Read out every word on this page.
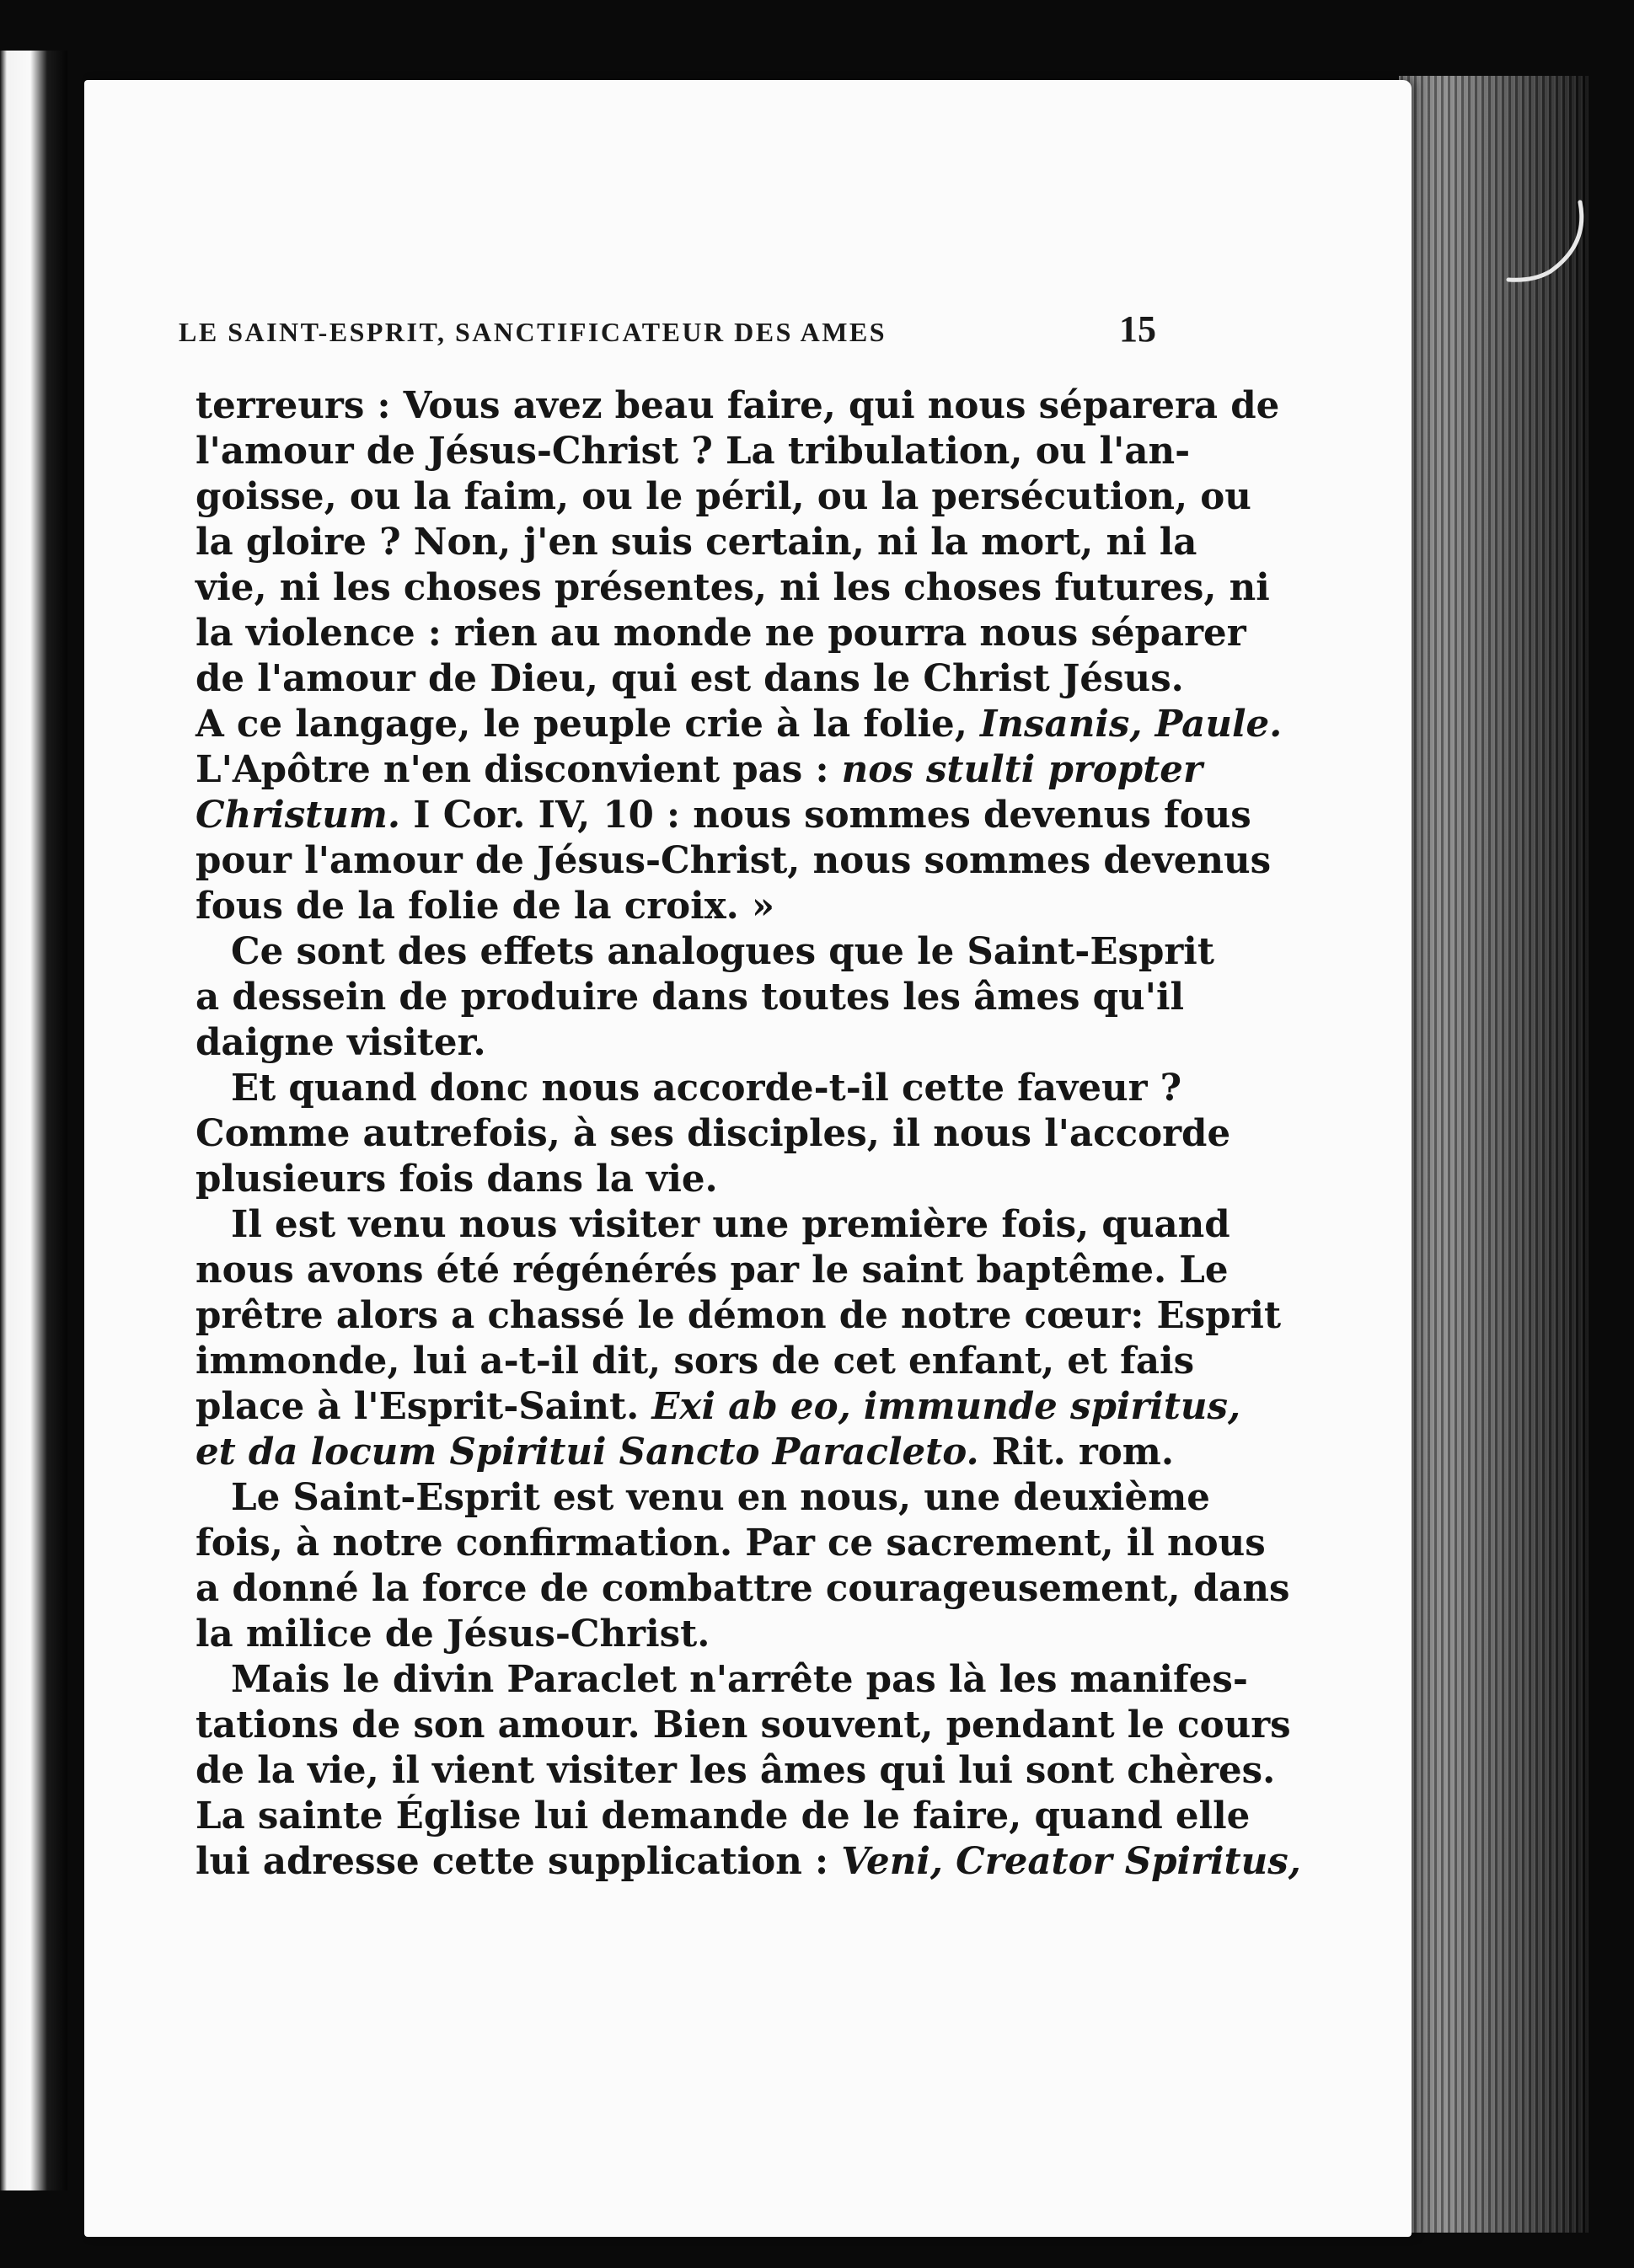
LE SAINT-ESPRIT, SANCTIFICATEUR DES AMES	15
terreurs : Vous avez beau faire, qui nous séparera de
l'amour de Jésus-Christ ? La tribulation, ou l'an-
goisse, ou la faim, ou le péril, ou la persécution, ou
la gloire ? Non, j'en suis certain, ni la mort, ni la
vie, ni les choses présentes, ni les choses futures, ni
la violence : rien au monde ne pourra nous séparer
de l'amour de Dieu, qui est dans le Christ Jésus.
A ce langage, le peuple crie à la folie, Insanis, Paule.
L'Apôtre n'en disconvient pas : nos stulti propter
Christum. I Cor. IV, 10 : nous sommes devenus fous
pour l'amour de Jésus-Christ, nous sommes devenus
fous de la folie de la croix. »
Ce sont des effets analogues que le Saint-Esprit
a dessein de produire dans toutes les âmes qu'il
daigne visiter.
Et quand donc nous accorde-t-il cette faveur ?
Comme autrefois, à ses disciples, il nous l'accorde
plusieurs fois dans la vie.
Il est venu nous visiter une première fois, quand
nous avons été régénérés par le saint baptême. Le
prêtre alors a chassé le démon de notre cœur: Esprit
immonde, lui a-t-il dit, sors de cet enfant, et fais
place à l'Esprit-Saint. Exi ab eo, immunde spiritus,
et da locum Spiritui Sancto Paracleto. Rit. rom.
Le Saint-Esprit est venu en nous, une deuxième
fois, à notre confirmation. Par ce sacrement, il nous
a donné la force de combattre courageusement, dans
la milice de Jésus-Christ.
Mais le divin Paraclet n'arrête pas là les manifes-
tations de son amour. Bien souvent, pendant le cours
de la vie, il vient visiter les âmes qui lui sont chères.
La sainte Église lui demande de le faire, quand elle
lui adresse cette supplication : Veni, Creator Spiritus,
